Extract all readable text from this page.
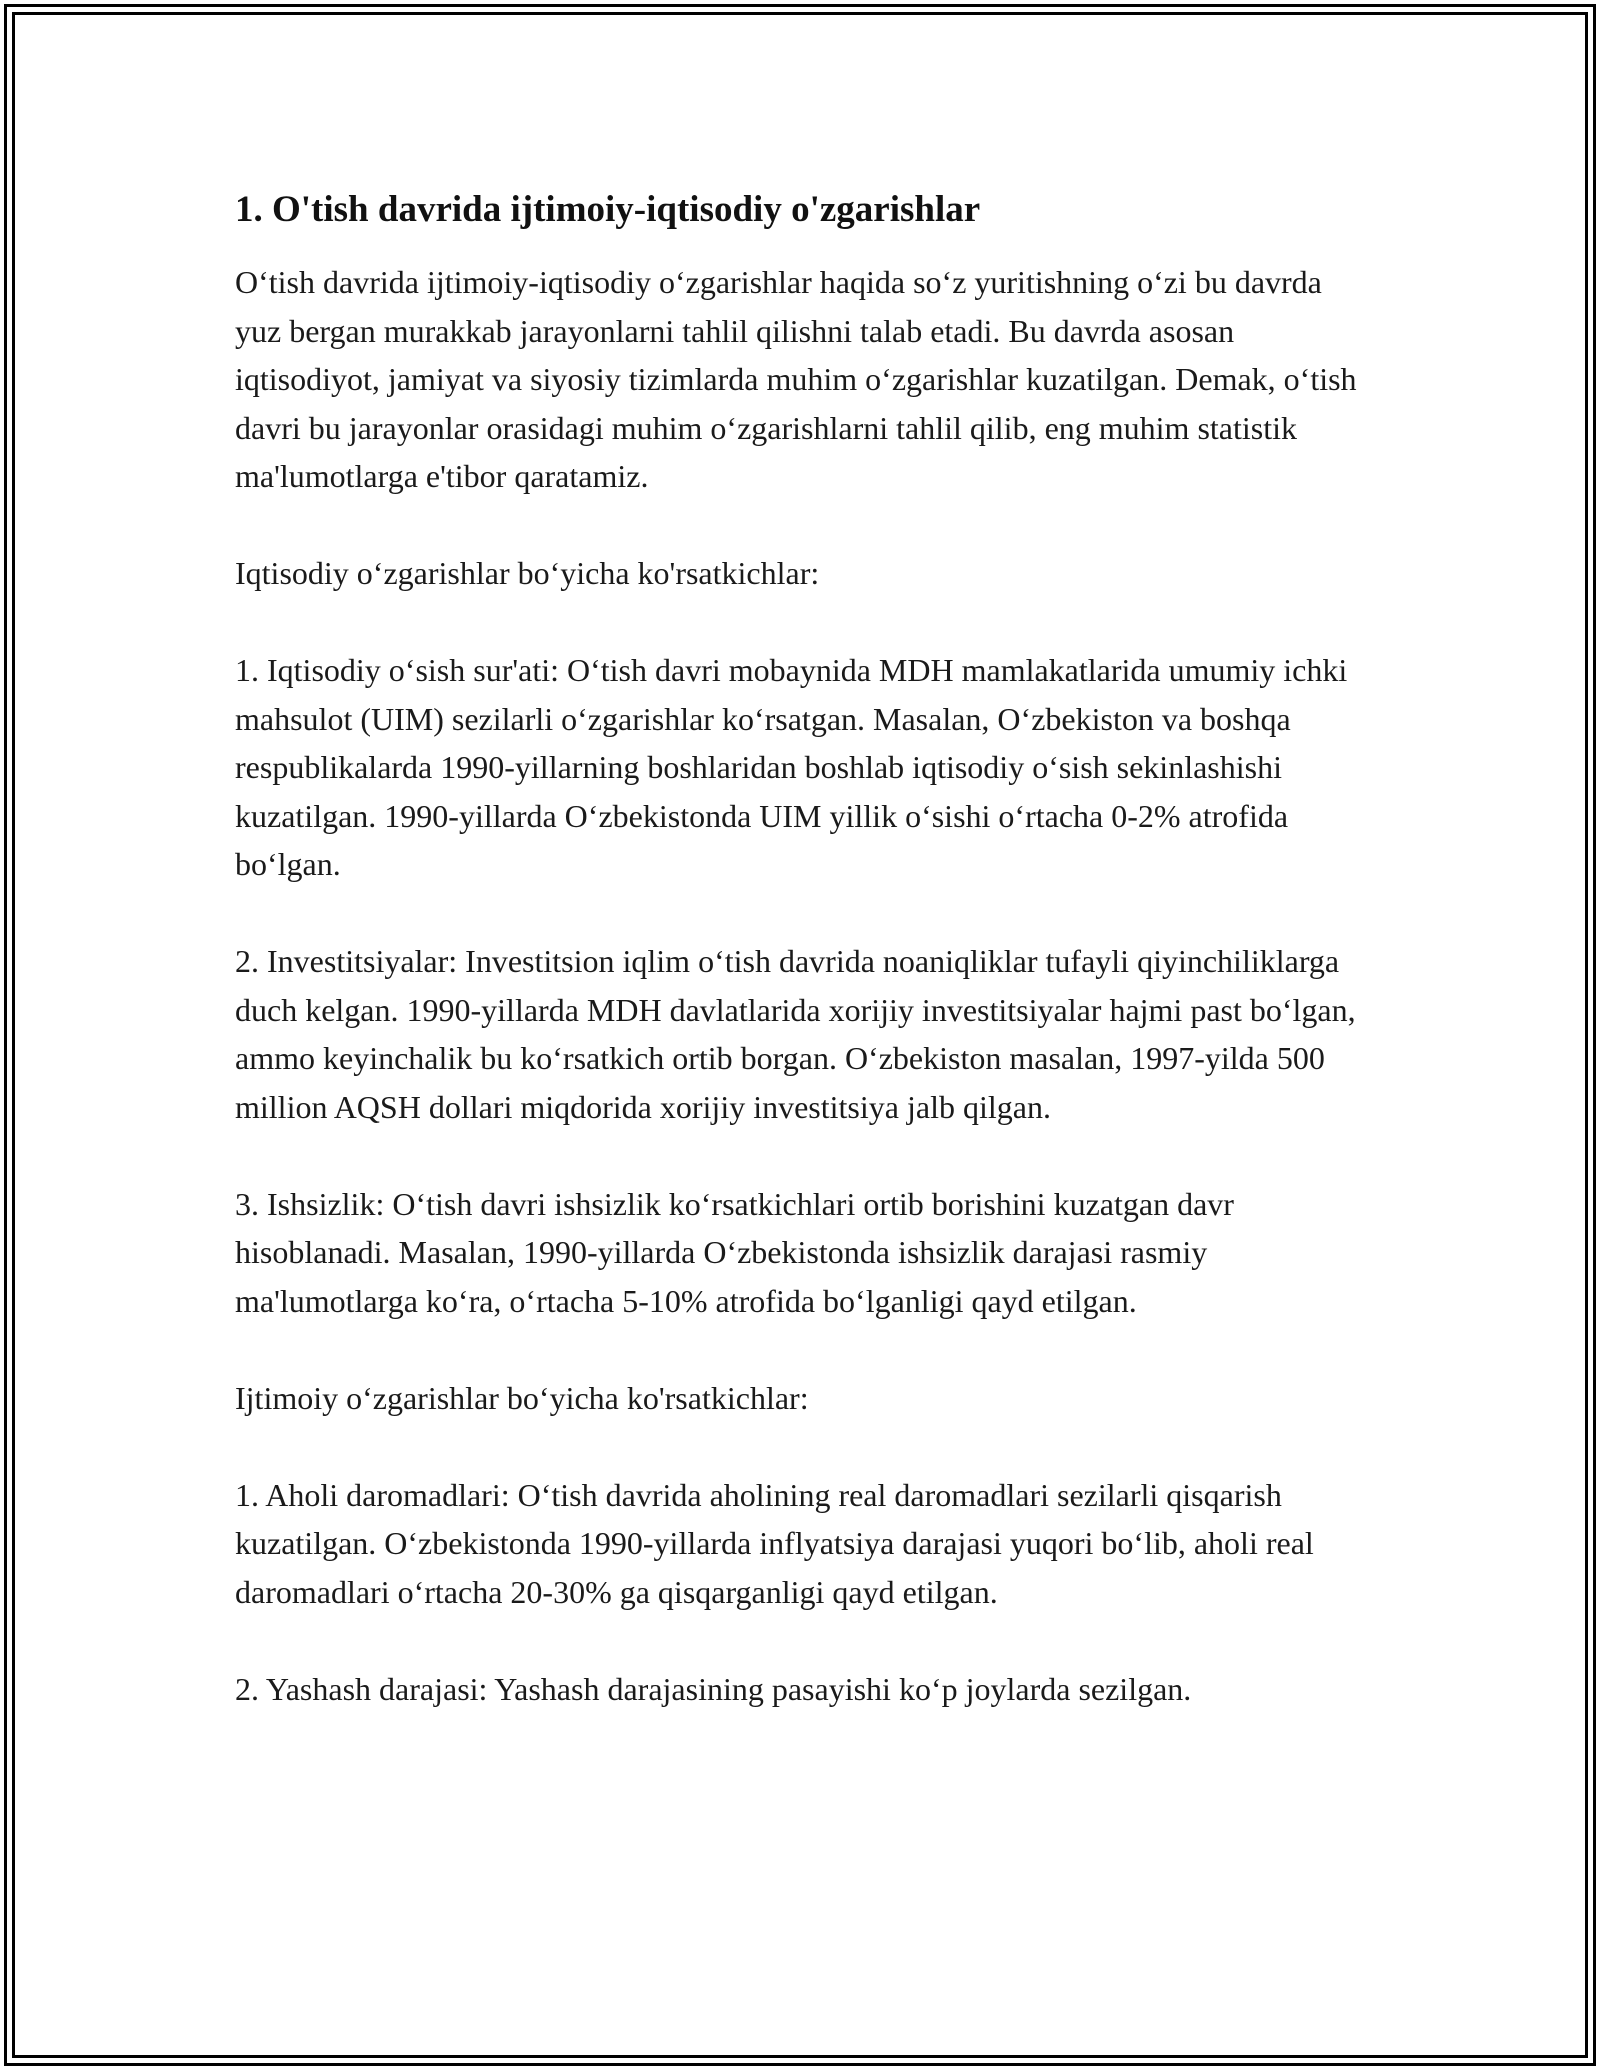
1. O'tish davrida ijtimoiy-iqtisodiy o'zgarishlar

O‘tish davrida ijtimoiy-iqtisodiy o‘zgarishlar haqida so‘z yuritishning o‘zi bu davrda yuz bergan murakkab jarayonlarni tahlil qilishni talab etadi. Bu davrda asosan iqtisodiyot, jamiyat va siyosiy tizimlarda muhim o‘zgarishlar kuzatilgan. Demak, o‘tish davri bu jarayonlar orasidagi muhim o‘zgarishlarni tahlil qilib, eng muhim statistik ma'lumotlarga e'tibor qaratamiz.

Iqtisodiy o‘zgarishlar bo‘yicha ko'rsatkichlar:

1. Iqtisodiy o‘sish sur'ati: O‘tish davri mobaynida MDH mamlakatlarida umumiy ichki mahsulot (UIM) sezilarli o‘zgarishlar ko‘rsatgan. Masalan, O‘zbekiston va boshqa respublikalarda 1990-yillarning boshlaridan boshlab iqtisodiy o‘sish sekinlashishi kuzatilgan. 1990-yillarda O‘zbekistonda UIM yillik o‘sishi o‘rtacha 0-2% atrofida bo‘lgan.

2. Investitsiyalar: Investitsion iqlim o‘tish davrida noaniqliklar tufayli qiyinchiliklarga duch kelgan. 1990-yillarda MDH davlatlarida xorijiy investitsiyalar hajmi past bo‘lgan, ammo keyinchalik bu ko‘rsatkich ortib borgan. O‘zbekiston masalan, 1997-yilda 500 million AQSH dollari miqdorida xorijiy investitsiya jalb qilgan.

3. Ishsizlik: O‘tish davri ishsizlik ko‘rsatkichlari ortib borishini kuzatgan davr hisoblanadi. Masalan, 1990-yillarda O‘zbekistonda ishsizlik darajasi rasmiy ma'lumotlarga ko‘ra, o‘rtacha 5-10% atrofida bo‘lganligi qayd etilgan.

Ijtimoiy o‘zgarishlar bo‘yicha ko'rsatkichlar:

1. Aholi daromadlari: O‘tish davrida aholining real daromadlari sezilarli qisqarish kuzatilgan. O‘zbekistonda 1990-yillarda inflyatsiya darajasi yuqori bo‘lib, aholi real daromadlari o‘rtacha 20-30% ga qisqarganligi qayd etilgan.

2. Yashash darajasi: Yashash darajasining pasayishi ko‘p joylarda sezilgan.
